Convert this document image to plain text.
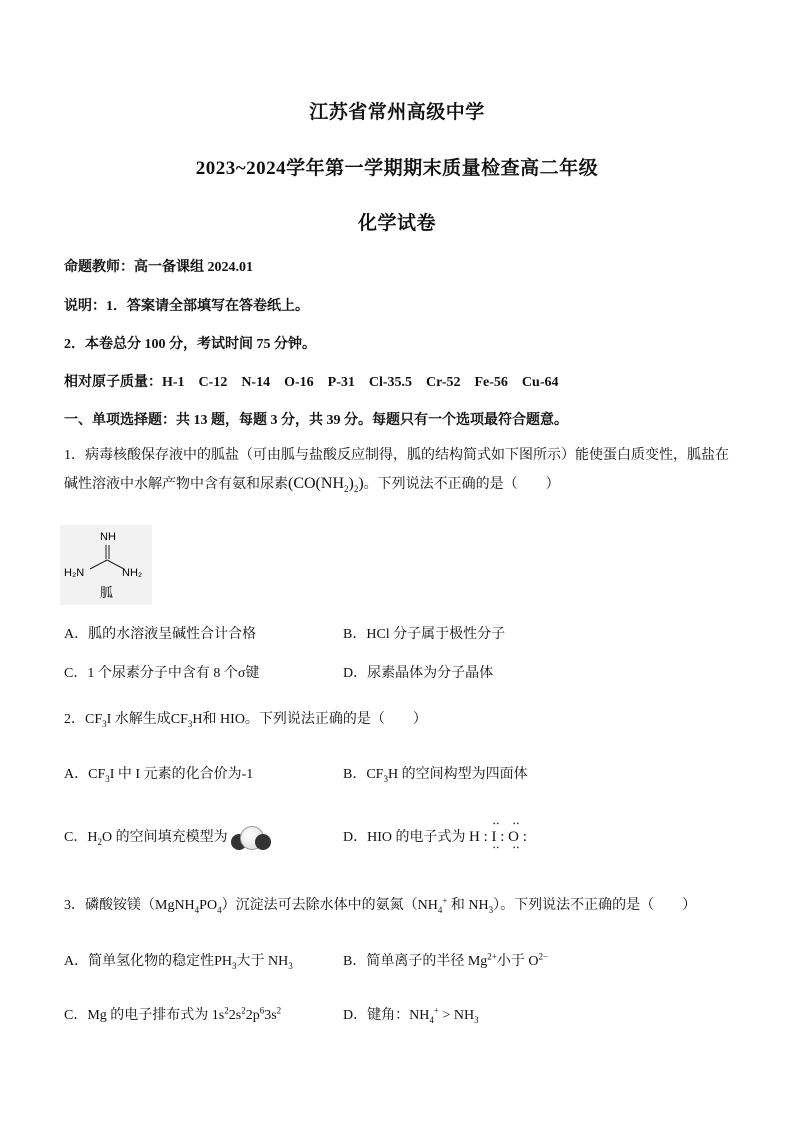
江苏省常州高级中学
2023~2024学年第一学期期末质量检查高二年级
化学试卷
命题教师：高一备课组 2024.01
说明：1．答案请全部填写在答卷纸上。
2．本卷总分 100 分，考试时间 75 分钟。
相对原子质量：H-1　C-12　N-14　O-16　P-31　Cl-35.5　Cr-52　Fe-56　Cu-64
一、单项选择题：共 13 题，每题 3 分，共 39 分。每题只有一个选项最符合题意。
1．病毒核酸保存液中的胍盐（可由胍与盐酸反应制得，胍的结构简式如下图所示）能使蛋白质变性，胍盐在
碱性溶液中水解产物中含有氨和尿素$(CO(NH_2)_2)$。下列说法不正确的是（　　）
NH
H₂N	NH₂
胍
A．胍的水溶液呈碱性合计合格	B．HCl 分子属于极性分子
C．1 个尿素分子中含有 8 个σ键	D．尿素晶体为分子晶体
2．$CF_3I$ 水解生成$CF_3H$和 HIO。下列说法正确的是（　　）
A．$CF_3I$ 中 I 元素的化合价为-1	B．$CF_3H$ 的空间构型为四面体
C．$H_2O$ 的空间填充模型为	D．HIO 的电子式为
•• ••
H : I : O :
•• ••
3．磷酸铵镁$(MgNH_4PO_4)$沉淀法可去除水体中的氨氮（$NH_4^+$ 和 $NH_3$）。下列说法不正确的是（　　）
A．简单氢化物的稳定性$PH_3$大于 $NH_3$	B．简单离子的半径 $Mg^{2+}$小于 $O^{2-}$
C．Mg 的电子排布式为 $1s^22s^22p^63s^2$	D．键角：$NH_4^+ > NH_3$
